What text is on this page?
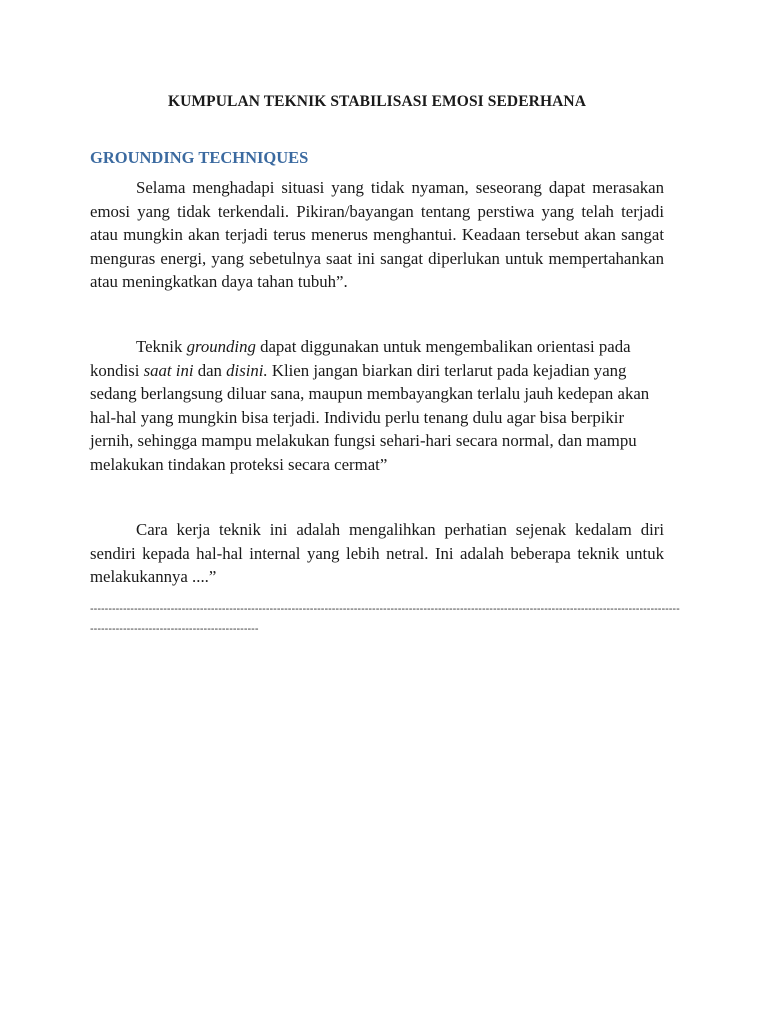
KUMPULAN TEKNIK STABILISASI EMOSI SEDERHANA
GROUNDING TECHNIQUES

Selama menghadapi situasi yang tidak nyaman, seseorang dapat merasakan emosi yang tidak terkendali. Pikiran/bayangan tentang perstiwa yang telah terjadi atau mungkin akan terjadi terus menerus menghantui. Keadaan tersebut akan sangat menguras energi, yang sebetulnya saat ini sangat diperlukan untuk mempertahankan atau meningkatkan daya tahan tubuh”.

Teknik grounding dapat diggunakan untuk mengembalikan orientasi pada kondisi saat ini dan disini. Klien jangan biarkan diri terlarut pada kejadian yang sedang berlangsung diluar sana, maupun membayangkan terlalu jauh kedepan akan hal-hal yang mungkin bisa terjadi. Individu perlu tenang dulu agar bisa berpikir jernih, sehingga mampu melakukan fungsi sehari-hari secara normal, dan mampu melakukan tindakan proteksi secara cermat”

Cara kerja teknik ini adalah mengalihkan perhatian sejenak kedalam diri sendiri kepada hal-hal internal yang lebih netral. Ini adalah beberapa teknik untuk melakukannya ....”

---------------------------------------------------------------------------------------------------------------------------------------------------------------------------------------------------------------
